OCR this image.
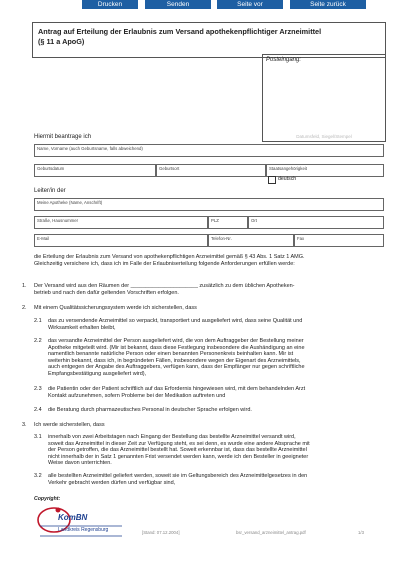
Drucken	Senden	Seite vor	Seite zurück
Antrag auf Erteilung der Erlaubnis zum Versand apothekenpflichtiger Arzneimittel
(§ 11 a ApoG)
Posteingang:
Datumsfeld, Siegel/Stempel
Hiermit beantrage ich
Name, Vorname (auch Geburtsname, falls abweichend)
Geburtsdatum	Geburtsort	Staatsangehörigkeit
deutsch
Leiter/in der
Meine Apotheke (Name, Anschrift)
Straße, Hausnummer	PLZ	Ort
E-Mail	Telefon-Nr.	Fax
die Erteilung der Erlaubnis zum Versand von apothekenpflichtigen Arzneimittel gemäß § 43 Abs. 1 Satz 1 AMG.
Gleichzeitig versichere ich, dass ich im Falle der Erlaubniserteilung folgende Anforderungen erfüllen werde:
1. Der Versand wird aus den Räumen der ______________________ zusätzlich zu dem üblichen Apotheken-
betrieb und nach den dafür geltenden Vorschriften erfolgen.
2. Mit einem Qualitätssicherungssystem werde ich sicherstellen, dass
2.1 das zu versendende Arzneimittel so verpackt, transportiert und ausgeliefert wird, dass seine Qualität und
Wirksamkeit erhalten bleibt,
2.2 das versandte Arzneimittel der Person ausgeliefert wird, die von dem Auftraggeber der Bestellung meiner
Apotheke mitgeteilt wird. (Mir ist bekannt, dass diese Festlegung insbesondere die Aushändigung an eine
namentlich benannte natürliche Person oder einen benannten Personenkreis beinhalten kann. Mir ist
weiterhin bekannt, dass ich, in begründeten Fällen, insbesondere wegen der Eigenart des Arzneimittels,
auch entgegen der Angabe des Auftraggebers, verfügen kann, dass der Empfänger nur gegen schriftliche
Empfangsbestätigung ausgeliefert wird),
2.3 die Patientin oder der Patient schriftlich auf das Erfordernis hingewiesen wird, mit dem behandelnden Arzt
Kontakt aufzunehmen, sofern Probleme bei der Medikation auftreten und
2.4 die Beratung durch pharmazeutisches Personal in deutscher Sprache erfolgen wird.
3. Ich werde sicherstellen, dass
3.1 innerhalb von zwei Arbeitstagen nach Eingang der Bestellung das bestellte Arzneimittel versandt wird,
soweit das Arzneimittel in dieser Zeit zur Verfügung steht, es sei denn, es wurde eine andere Absprache mit
der Person getroffen, die das Arzneimittel bestellt hat. Soweit erkennbar ist, dass das bestellte Arzneimittel
nicht innerhalb der in Satz 1 genannten Frist versendet werden kann, werde ich den Besteller in geeigneter
Weise davon unterrichten.
3.2 alle bestellten Arzneimittel geliefert werden, soweit sie im Geltungsbereich des Arzneimittelgesetzes in den
Verkehr gebracht werden dürfen und verfügbar sind,
Copyright:
KomBN
Landkreis Regensburg	[Stand: 07.12.2004]	bsr_versand_arzneimittel_antrag.pdf	1/3
